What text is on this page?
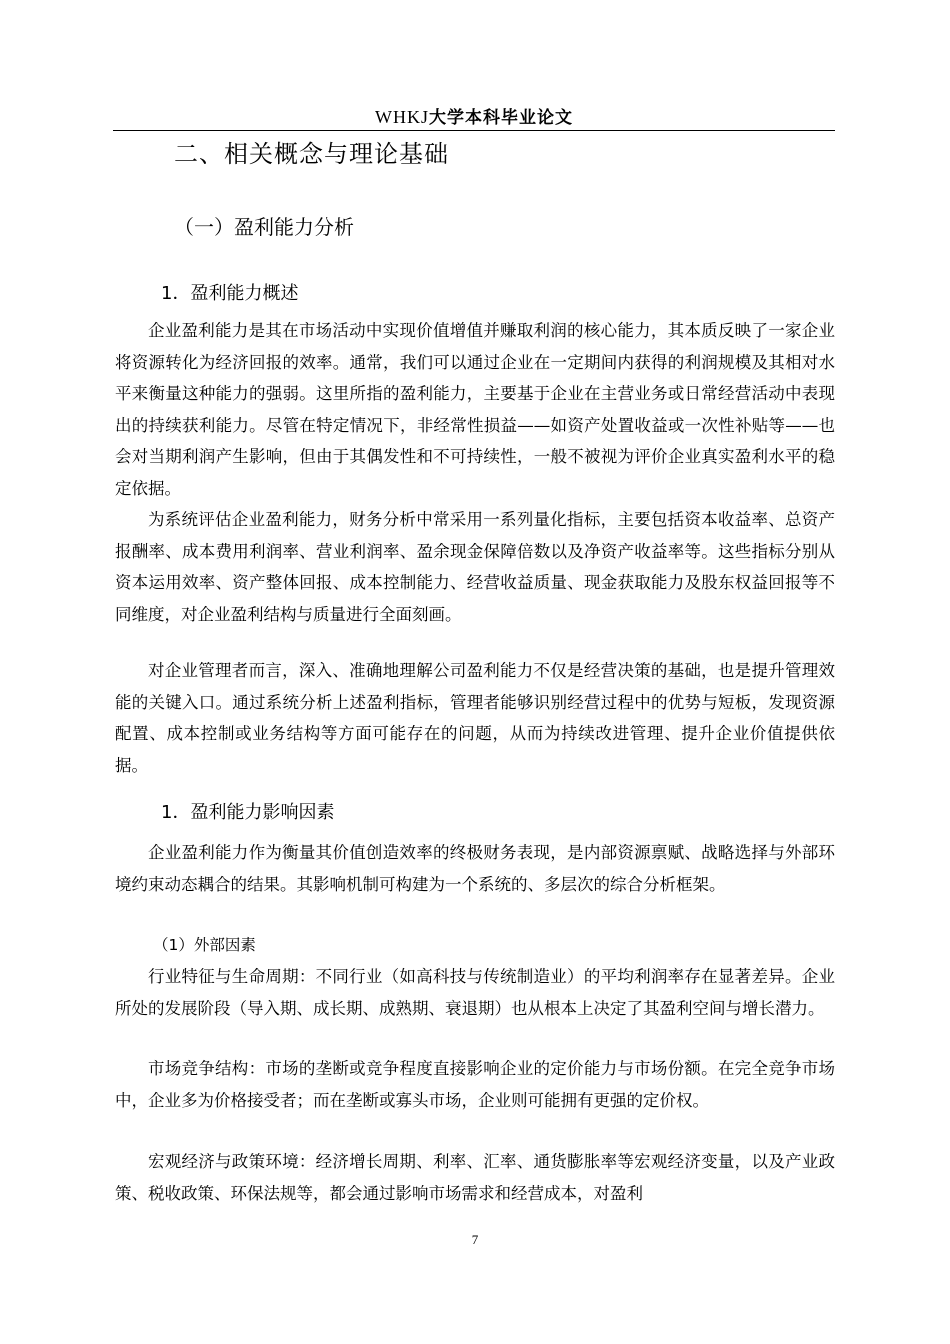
WHKJ大学本科毕业论文
二、相关概念与理论基础
（一）盈利能力分析
1．盈利能力概述

企业盈利能力是其在市场活动中实现价值增值并赚取利润的核心能力，其本质反映了一家企业将资源转化为经济回报的效率。通常，我们可以通过企业在一定期间内获得的利润规模及其相对水平来衡量这种能力的强弱。这里所指的盈利能力，主要基于企业在主营业务或日常经营活动中表现出的持续获利能力。尽管在特定情况下，非经常性损益——如资产处置收益或一次性补贴等——也会对当期利润产生影响，但由于其偶发性和不可持续性，一般不被视为评价企业真实盈利水平的稳定依据。

为系统评估企业盈利能力，财务分析中常采用一系列量化指标，主要包括资本收益率、总资产报酬率、成本费用利润率、营业利润率、盈余现金保障倍数以及净资产收益率等。这些指标分别从资本运用效率、资产整体回报、成本控制能力、经营收益质量、现金获取能力及股东权益回报等不同维度，对企业盈利结构与质量进行全面刻画。

对企业管理者而言，深入、准确地理解公司盈利能力不仅是经营决策的基础，也是提升管理效能的关键入口。通过系统分析上述盈利指标，管理者能够识别经营过程中的优势与短板，发现资源配置、成本控制或业务结构等方面可能存在的问题，从而为持续改进管理、提升企业价值提供依据。

1．盈利能力影响因素

企业盈利能力作为衡量其价值创造效率的终极财务表现，是内部资源禀赋、战略选择与外部环境约束动态耦合的结果。其影响机制可构建为一个系统的、多层次的综合分析框架。

（1）外部因素

行业特征与生命周期：不同行业（如高科技与传统制造业）的平均利润率存在显著差异。企业所处的发展阶段（导入期、成长期、成熟期、衰退期）也从根本上决定了其盈利空间与增长潜力。

市场竞争结构：市场的垄断或竞争程度直接影响企业的定价能力与市场份额。在完全竞争市场中，企业多为价格接受者；而在垄断或寡头市场，企业则可能拥有更强的定价权。

宏观经济与政策环境：经济增长周期、利率、汇率、通货膨胀率等宏观经济变量，以及产业政策、税收政策、环保法规等，都会通过影响市场需求和经营成本，对盈利

7
